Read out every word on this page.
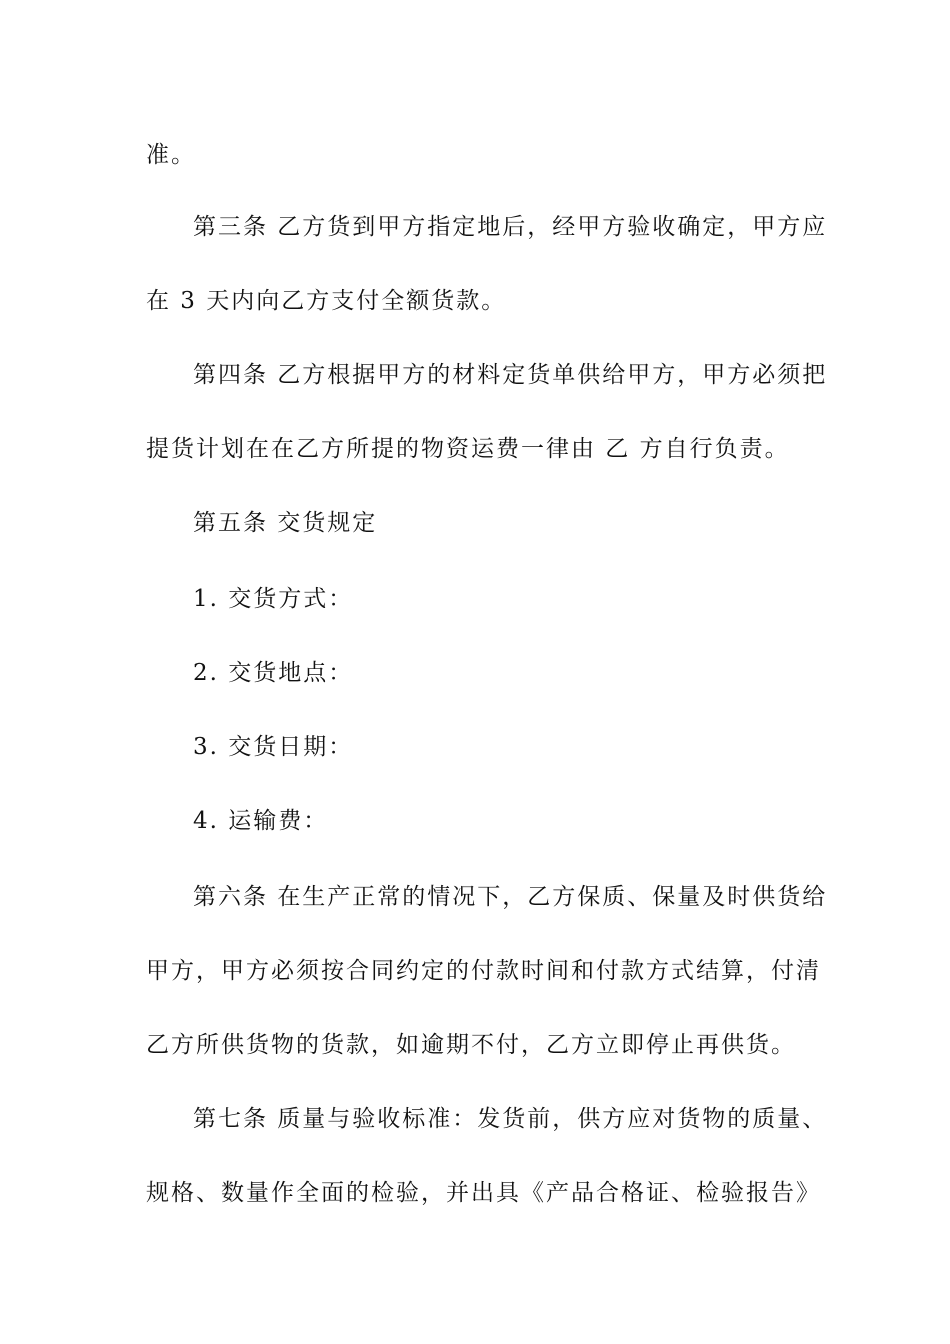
准。
第三条 乙方货到甲方指定地后，经甲方验收确定，甲方应
在 3 天内向乙方支付全额货款。
第四条 乙方根据甲方的材料定货单供给甲方，甲方必须把
提货计划在在乙方所提的物资运费一律由 乙 方自行负责。
第五条 交货规定
1. 交货方式：
2. 交货地点：
3. 交货日期：
4. 运输费：
第六条 在生产正常的情况下，乙方保质、保量及时供货给
甲方，甲方必须按合同约定的付款时间和付款方式结算，付清
乙方所供货物的货款，如逾期不付，乙方立即停止再供货。
第七条 质量与验收标准：发货前，供方应对货物的质量、
规格、数量作全面的检验，并出具《产品合格证、检验报告》
